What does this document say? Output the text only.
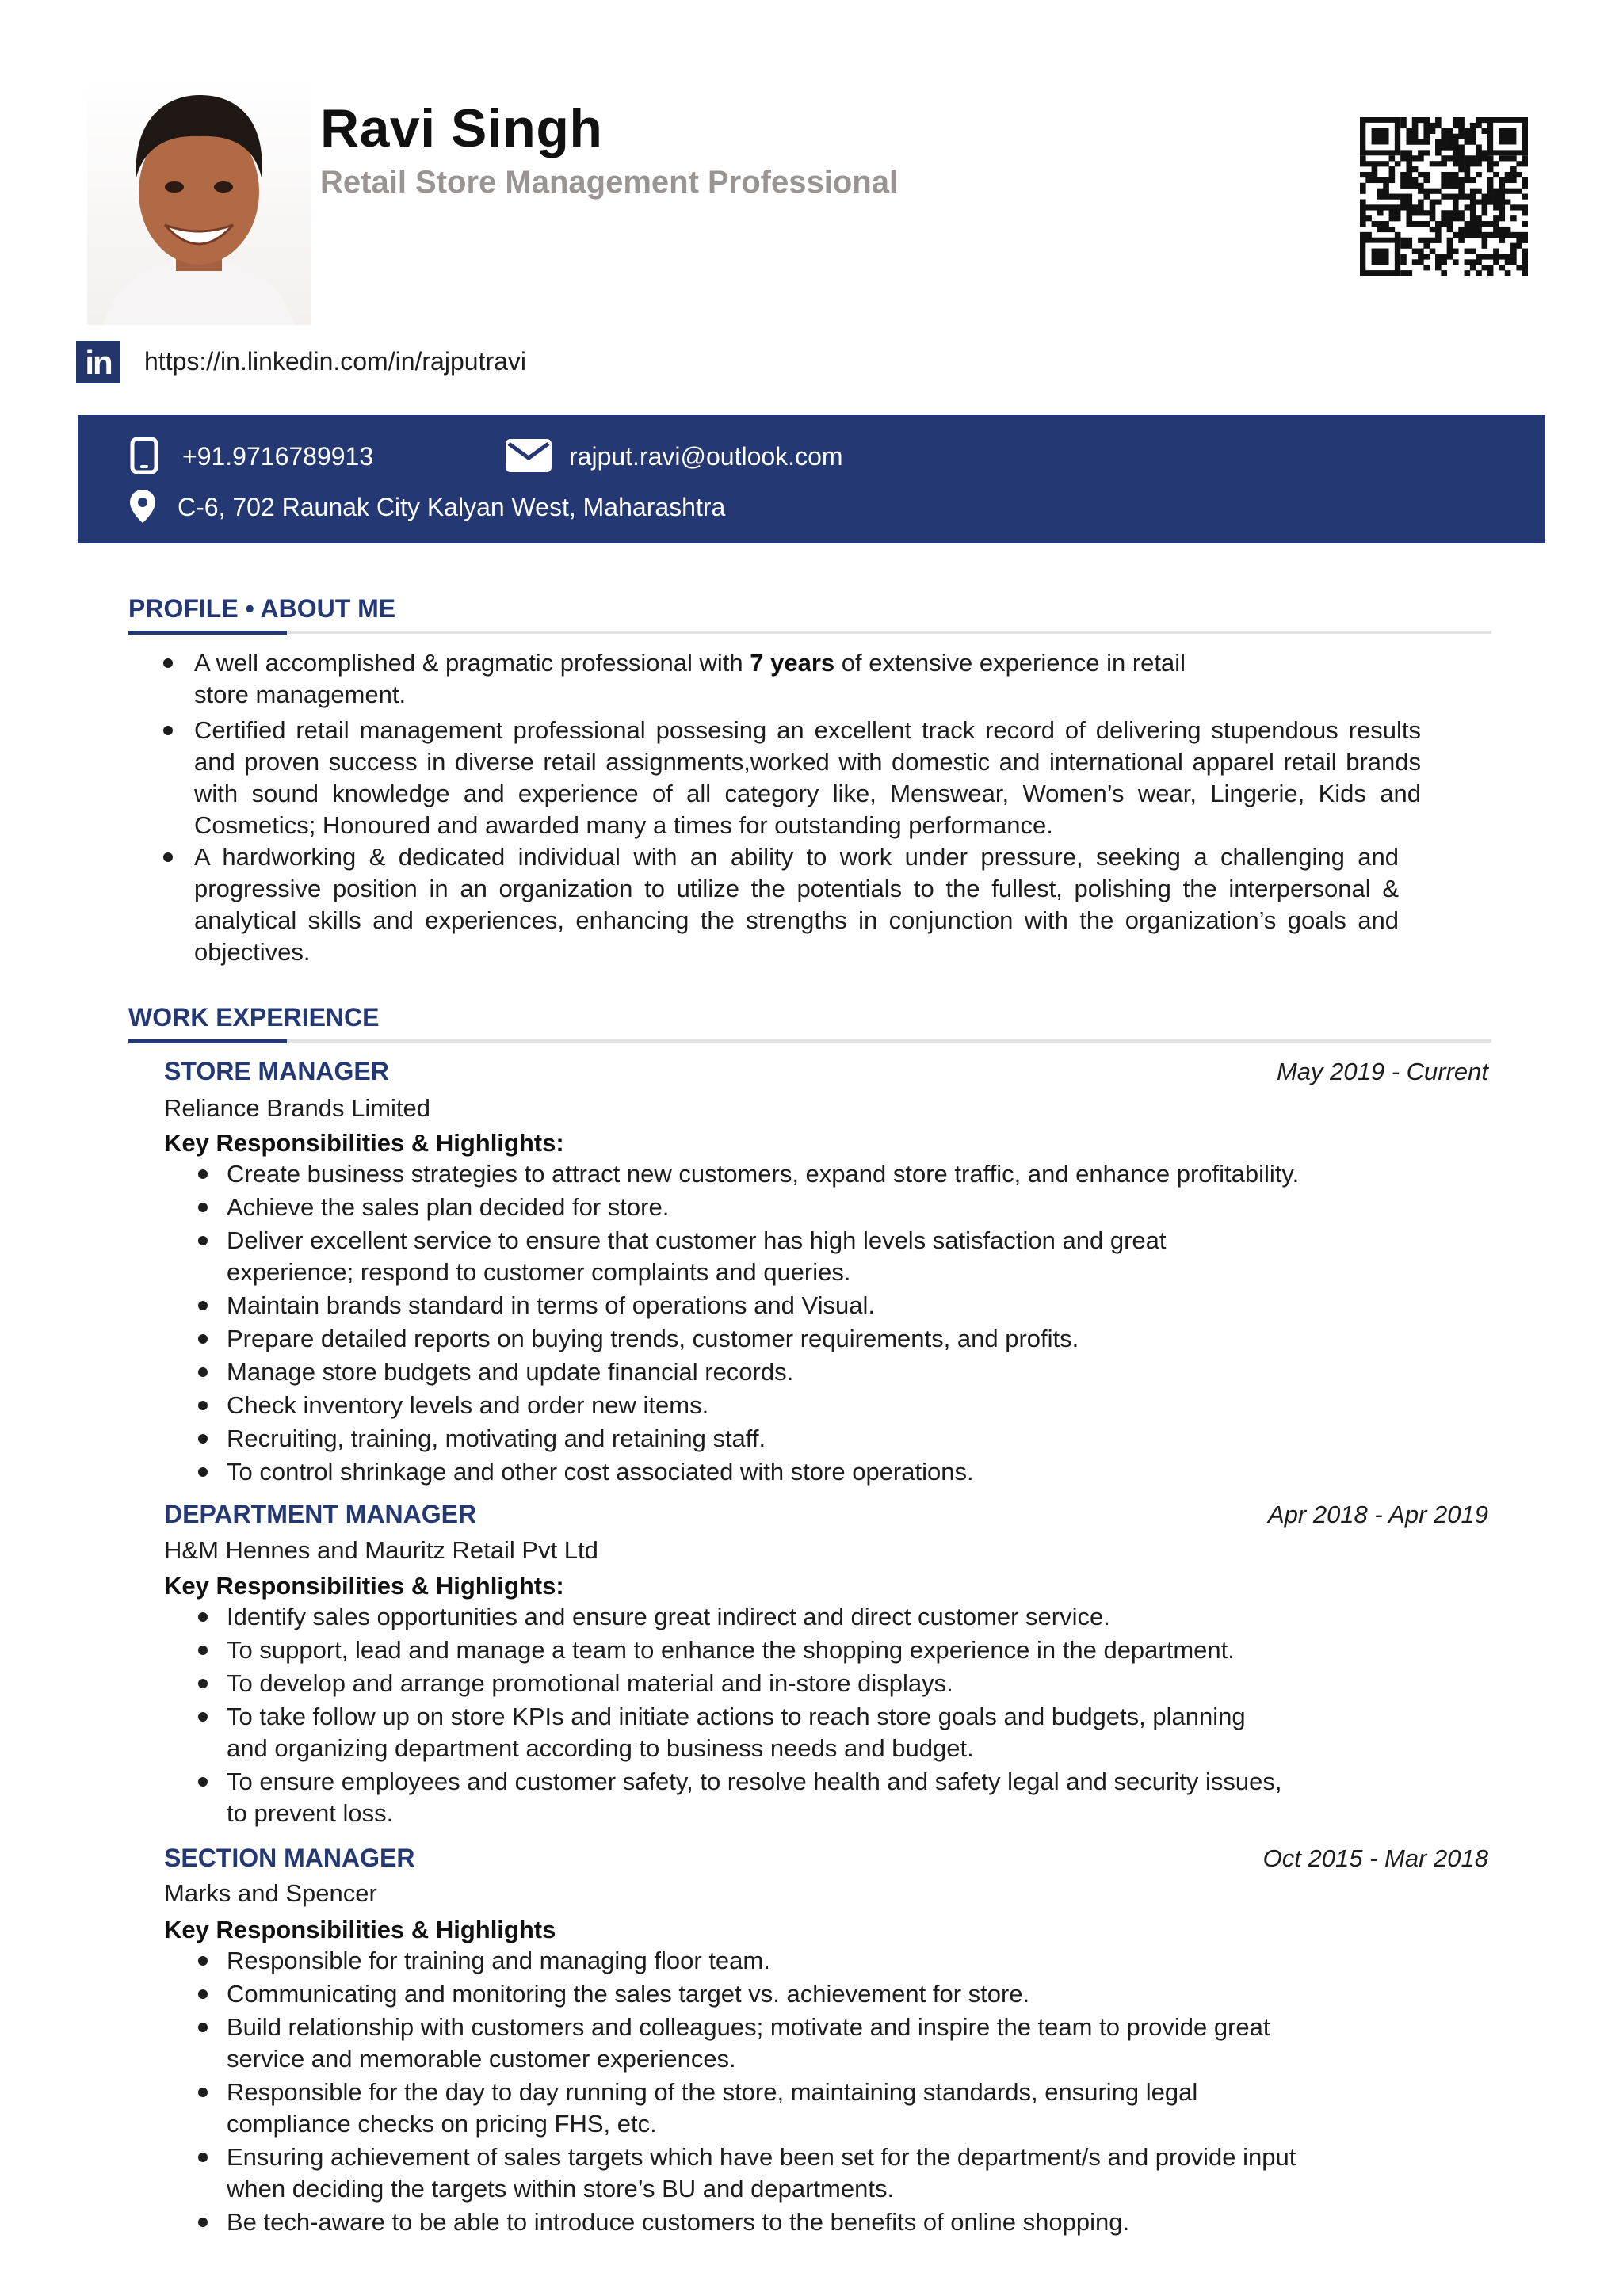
Ravi Singh
Retail Store Management Professional
in	https://in.linkedin.com/in/rajputravi
+91.9716789913	rajput.ravi@outlook.com
C-6, 702 Raunak City Kalyan West, Maharashtra
PROFILE • ABOUT ME
A well accomplished & pragmatic professional with 7 years of extensive experience in retail
store management.
Certified retail management professional possesing an excellent track record of delivering stupendous results and proven success in diverse retail assignments,worked with domestic and international apparel retail brands with sound knowledge and experience of all category like, Menswear, Women’s wear, Lingerie, Kids and Cosmetics; Honoured and awarded many a times for outstanding performance.
A hardworking & dedicated individual with an ability to work under pressure, seeking a challenging and progressive position in an organization to utilize the potentials to the fullest, polishing the interpersonal & analytical skills and experiences, enhancing the strengths in conjunction with the organization’s goals and objectives.
WORK EXPERIENCE
STORE MANAGER	May 2019 - Current
Reliance Brands Limited
Key Responsibilities & Highlights:
Create business strategies to attract new customers, expand store traffic, and enhance profitability.
Achieve the sales plan decided for store.
Deliver excellent service to ensure that customer has high levels satisfaction and great
experience; respond to customer complaints and queries.
Maintain brands standard in terms of operations and Visual.
Prepare detailed reports on buying trends, customer requirements, and profits.
Manage store budgets and update financial records.
Check inventory levels and order new items.
Recruiting, training, motivating and retaining staff.
To control shrinkage and other cost associated with store operations.
DEPARTMENT MANAGER	Apr 2018 - Apr 2019
H&M Hennes and Mauritz Retail Pvt Ltd
Key Responsibilities & Highlights:
Identify sales opportunities and ensure great indirect and direct customer service.
To support, lead and manage a team to enhance the shopping experience in the department.
To develop and arrange promotional material and in-store displays.
To take follow up on store KPIs and initiate actions to reach store goals and budgets, planning
and organizing department according to business needs and budget.
To ensure employees and customer safety, to resolve health and safety legal and security issues,
to prevent loss.
SECTION MANAGER	Oct 2015 - Mar 2018
Marks and Spencer
Key Responsibilities & Highlights
Responsible for training and managing floor team.
Communicating and monitoring the sales target vs. achievement for store.
Build relationship with customers and colleagues; motivate and inspire the team to provide great
service and memorable customer experiences.
Responsible for the day to day running of the store, maintaining standards, ensuring legal
compliance checks on pricing FHS, etc.
Ensuring achievement of sales targets which have been set for the department/s and provide input
when deciding the targets within store’s BU and departments.
Be tech-aware to be able to introduce customers to the benefits of online shopping.
